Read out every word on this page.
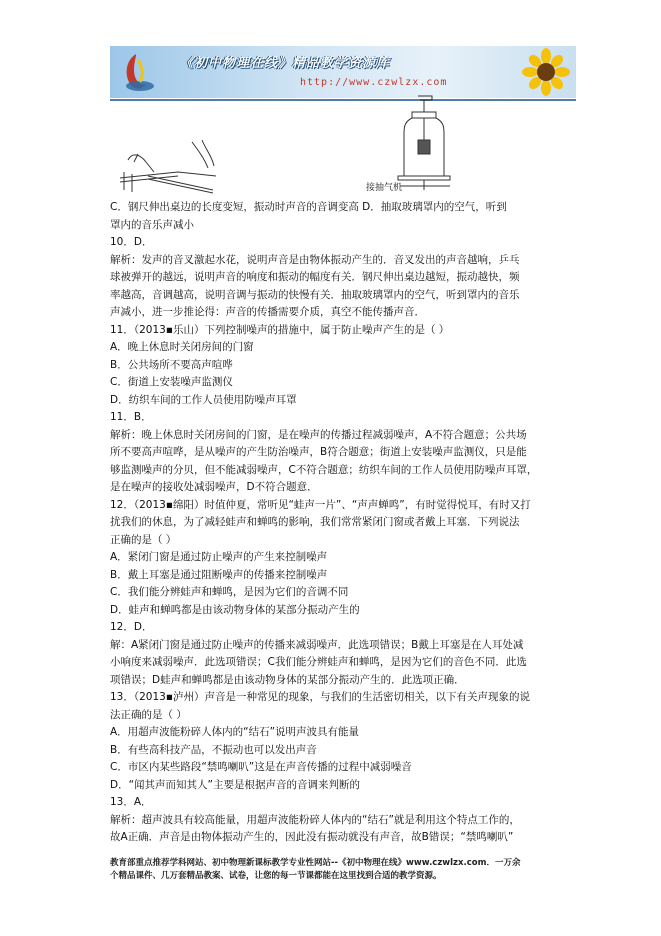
《初中物理在线》精品教学资源库
http://www.czwlzx.com
接抽气机
C．钢尺伸出桌边的长度变短，振动时声音的音调变高 D．抽取玻璃罩内的空气，听到
罩内的音乐声减小
10．D．
解析：发声的音叉激起水花，说明声音是由物体振动产生的．音叉发出的声音越响，乒乓
球被弹开的越远，说明声音的响度和振动的幅度有关．钢尺伸出桌边越短，振动越快，频
率越高，音调越高，说明音调与振动的快慢有关．抽取玻璃罩内的空气，听到罩内的音乐
声减小，进一步推论得：声音的传播需要介质，真空不能传播声音．
11．（2013▪乐山）下列控制噪声的措施中，属于防止噪声产生的是（ ）
A．晚上休息时关闭房间的门窗
B．公共场所不要高声喧哗
C．街道上安装噪声监测仪
D．纺织车间的工作人员使用防噪声耳罩
11．B．
解析：晚上休息时关闭房间的门窗，是在噪声的传播过程减弱噪声，A不符合题意；公共场
所不要高声喧哗，是从噪声的产生防治噪声，B符合题意；街道上安装噪声监测仪，只是能
够监测噪声的分贝，但不能减弱噪声，C不符合题意；纺织车间的工作人员使用防噪声耳罩，
是在噪声的接收处减弱噪声，D不符合题意．
12．（2013▪绵阳）时值仲夏，常听见“蛙声一片”、“声声蝉鸣”，有时觉得悦耳，有时又打
扰我们的休息，为了减轻蛙声和蝉鸣的影响，我们常常紧闭门窗或者戴上耳塞．下列说法
正确的是（ ）
A．紧闭门窗是通过防止噪声的产生来控制噪声
B．戴上耳塞是通过阻断噪声的传播来控制噪声
C．我们能分辨蛙声和蝉鸣，是因为它们的音调不同
D．蛙声和蝉鸣都是由该动物身体的某部分振动产生的
12．D．
解：A紧闭门窗是通过防止噪声的传播来减弱噪声．此选项错误；B戴上耳塞是在人耳处减
小响度来减弱噪声．此选项错误；C我们能分辨蛙声和蝉鸣，是因为它们的音色不同．此选
项错误；D蛙声和蝉鸣都是由该动物身体的某部分振动产生的．此选项正确．
13．（2013▪泸州）声音是一种常见的现象，与我们的生活密切相关，以下有关声现象的说
法正确的是（ ）
A．用超声波能粉碎人体内的“结石”说明声波具有能量
B．有些高科技产品，不振动也可以发出声音
C．市区内某些路段“禁鸣喇叭”这是在声音传播的过程中减弱噪音
D．“闻其声而知其人”主要是根据声音的音调来判断的
13．A．
解析：超声波具有较高能量，用超声波能粉碎人体内的“结石”就是利用这个特点工作的，
故A正确．声音是由物体振动产生的，因此没有振动就没有声音，故B错误；“禁鸣喇叭”
教育部重点推荐学科网站、初中物理新课标教学专业性网站--《初中物理在线》www.czwlzx.com．一万余
个精品课件、几万套精品教案、试卷，让您的每一节课都能在这里找到合适的教学资源。
